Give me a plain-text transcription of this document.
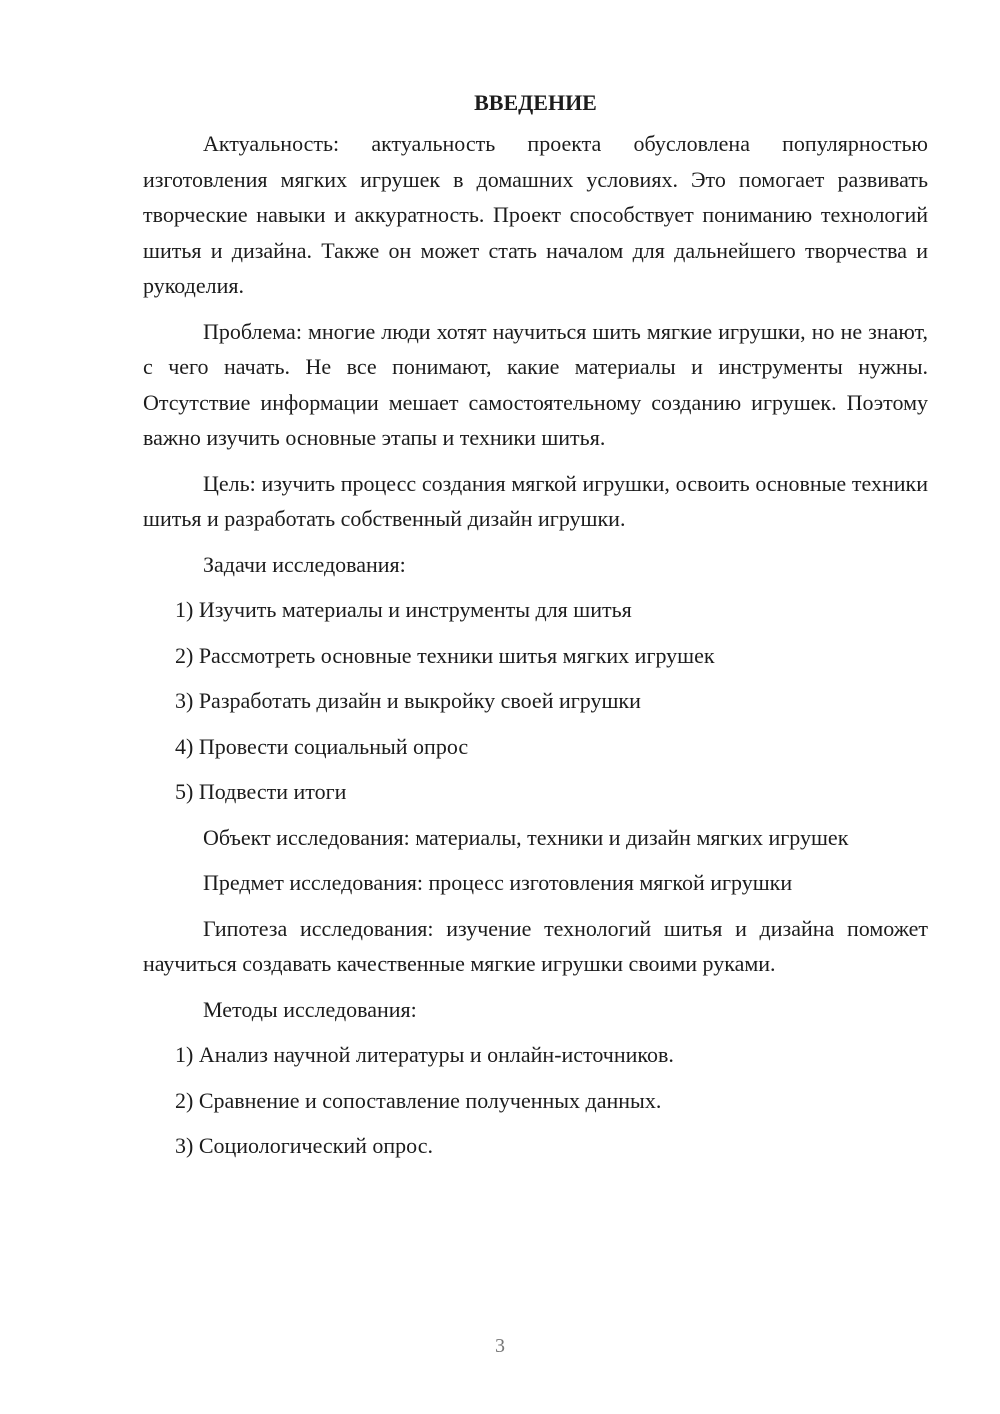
ВВЕДЕНИЕ

Актуальность: актуальность проекта обусловлена популярностью изготовления мягких игрушек в домашних условиях. Это помогает развивать творческие навыки и аккуратность. Проект способствует пониманию технологий шитья и дизайна. Также он может стать началом для дальнейшего творчества и рукоделия.

Проблема: многие люди хотят научиться шить мягкие игрушки, но не знают, с чего начать. Не все понимают, какие материалы и инструменты нужны. Отсутствие информации мешает самостоятельному созданию игрушек. Поэтому важно изучить основные этапы и техники шитья.

Цель: изучить процесс создания мягкой игрушки, освоить основные техники шитья и разработать собственный дизайн игрушки.

Задачи исследования:

1) Изучить материалы и инструменты для шитья
2) Рассмотреть основные техники шитья мягких игрушек
3) Разработать дизайн и выкройку своей игрушки
4) Провести социальный опрос
5) Подвести итоги

Объект исследования: материалы, техники и дизайн мягких игрушек

Предмет исследования: процесс изготовления мягкой игрушки

Гипотеза исследования: изучение технологий шитья и дизайна поможет научиться создавать качественные мягкие игрушки своими руками.

Методы исследования:

1) Анализ научной литературы и онлайн-источников.
2) Сравнение и сопоставление полученных данных.
3) Социологический опрос.
3
